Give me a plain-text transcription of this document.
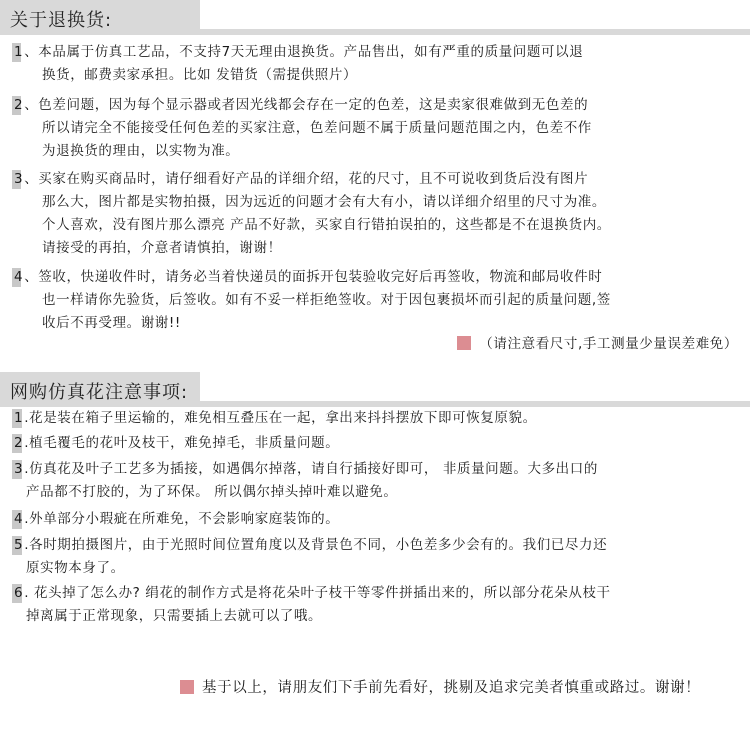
关于退换货:
1、本品属于仿真工艺品，不支持7天无理由退换货。产品售出，如有严重的质量问题可以退
换货，邮费卖家承担。比如 发错货（需提供照片）
2、色差问题，因为每个显示器或者因光线都会存在一定的色差，这是卖家很难做到无色差的
所以请完全不能接受任何色差的买家注意，色差问题不属于质量问题范围之内，色差不作
为退换货的理由，以实物为准。
3、买家在购买商品时，请仔细看好产品的详细介绍，花的尺寸，且不可说收到货后没有图片
那么大，图片都是实物拍摄，因为远近的问题才会有大有小，请以详细介绍里的尺寸为准。
个人喜欢，没有图片那么漂亮 产品不好款，买家自行错拍误拍的，这些都是不在退换货内。
请接受的再拍，介意者请慎拍，谢谢！
4、签收，快递收件时，请务必当着快递员的面拆开包装验收完好后再签收，物流和邮局收件时
也一样请你先验货，后签收。如有不妥一样拒绝签收。对于因包裹损坏而引起的质量问题,签
收后不再受理。谢谢!!
（请注意看尺寸,手工测量少量误差难免）
网购仿真花注意事项:
1.花是装在箱子里运输的，难免相互叠压在一起，拿出来抖抖摆放下即可恢复原貌。
2.植毛覆毛的花叶及枝干，难免掉毛，非质量问题。
3.仿真花及叶子工艺多为插接，如遇偶尔掉落，请自行插接好即可， 非质量问题。大多出口的
产品都不打胶的，为了环保。 所以偶尔掉头掉叶难以避免。
4.外单部分小瑕疵在所难免，不会影响家庭装饰的。
5.各时期拍摄图片，由于光照时间位置角度以及背景色不同，小色差多少会有的。我们已尽力还
原实物本身了。
6. 花头掉了怎么办? 绢花的制作方式是将花朵叶子枝干等零件拼插出来的，所以部分花朵从枝干
掉离属于正常现象，只需要插上去就可以了哦。
基于以上，请朋友们下手前先看好，挑剔及追求完美者慎重或路过。谢谢！
